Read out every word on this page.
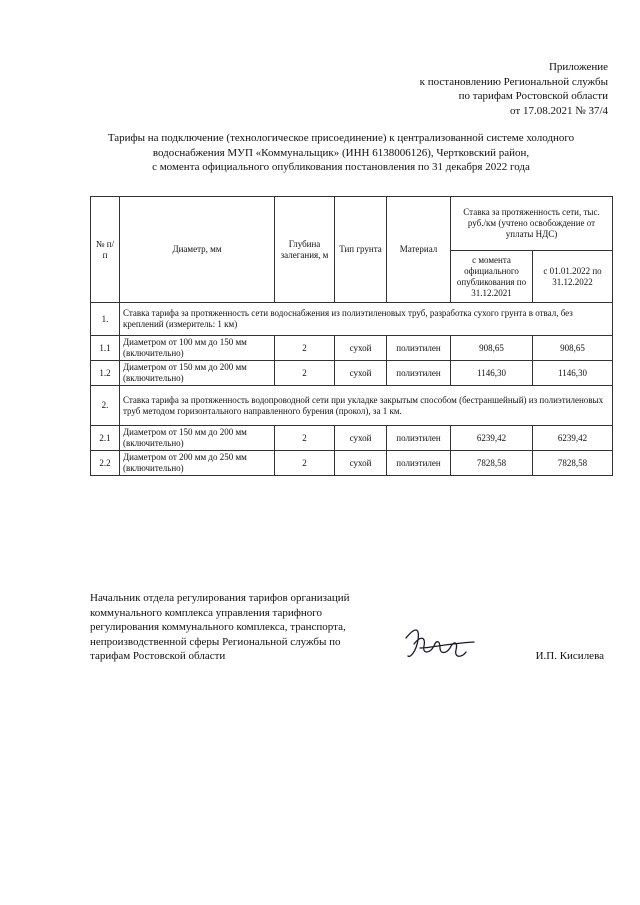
Приложение
к постановлению Региональной службы
по тарифам Ростовской области
от 17.08.2021 № 37/4
Тарифы на подключение (технологическое присоединение) к централизованной системе холодного
водоснабжения МУП «Коммунальщик» (ИНН 6138006126), Чертковский район,
с момента официального опубликования постановления по 31 декабря 2022 года
№ п/п	Диаметр, мм	Глубина залегания, м	Тип грунта	Материал	Ставка за протяженность сети, тыс. руб./км (учтено освобождение от уплаты НДС)	
					с момента официального опубликования по 31.12.2021	с 01.01.2022 по 31.12.2022
1.	Ставка тарифа за протяженность сети водоснабжения из полиэтиленовых труб, разработка сухого грунта в отвал, без креплений (измеритель: 1 км)					
1.1	Диаметром от 100 мм до 150 мм (включительно)	2	сухой	полиэтилен	908,65	908,65
1.2	Диаметром от 150 мм до 200 мм (включительно)	2	сухой	полиэтилен	1146,30	1146,30
2.	Ставка тарифа за протяженность водопроводной сети при укладке закрытым способом (бестраншейный) из полиэтиленовых труб методом горизонтального направленного бурения (прокол), за 1 км.					
2.1	Диаметром от 150 мм до 200 мм (включительно)	2	сухой	полиэтилен	6239,42	6239,42
2.2	Диаметром от 200 мм до 250 мм (включительно)	2	сухой	полиэтилен	7828,58	7828,58
Начальник отдела регулирования тарифов организаций
коммунального комплекса управления тарифного
регулирования коммунального комплекса, транспорта,
непроизводственной сферы Региональной службы по
тарифам Ростовской области	И.П. Кисилева
